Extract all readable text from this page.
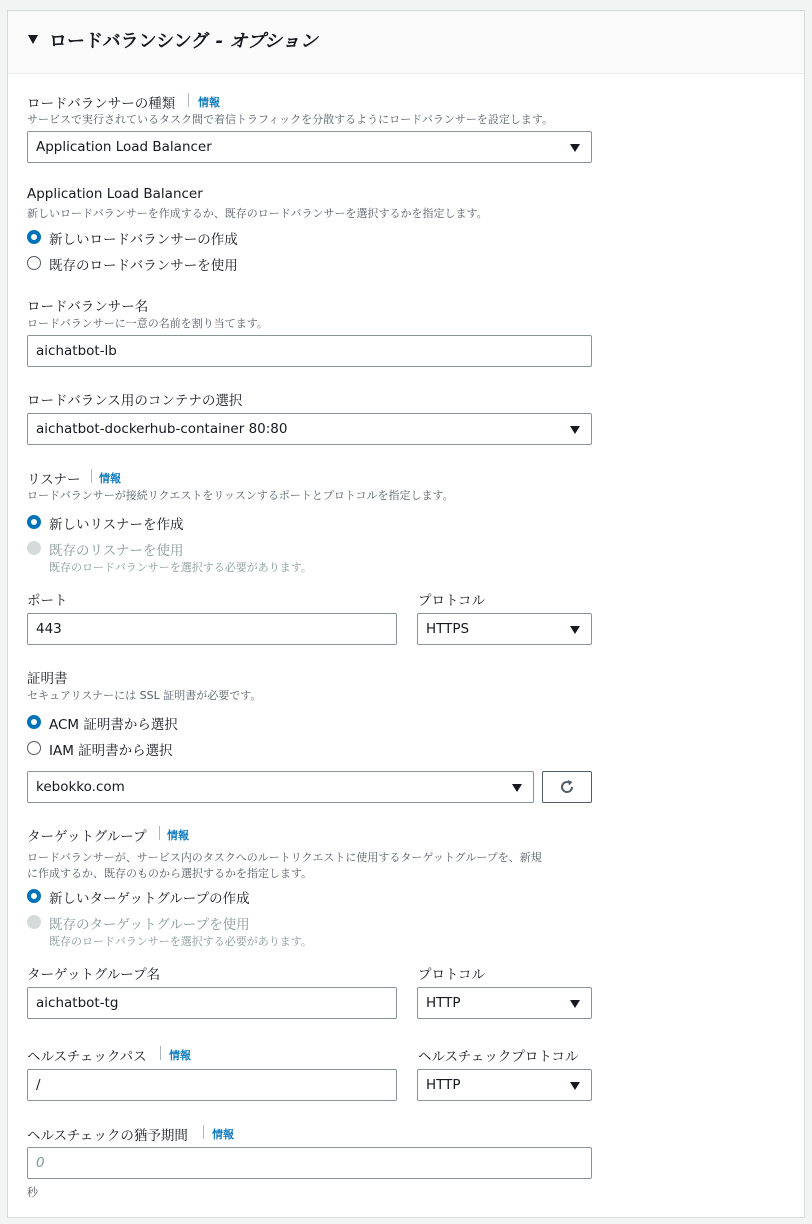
ロードバランシング - オプション
ロードバランサーの種類 情報
サービスで実行されているタスク間で着信トラフィックを分散するようにロードバランサーを設定します。
Application Load Balancer
Application Load Balancer
新しいロードバランサーを作成するか、既存のロードバランサーを選択するかを指定します。
新しいロードバランサーの作成
既存のロードバランサーを使用
ロードバランサー名
ロードバランサーに一意の名前を割り当てます。
aichatbot-lb
ロードバランス用のコンテナの選択
aichatbot-dockerhub-container 80:80
リスナー 情報
ロードバランサーが接続リクエストをリッスンするポートとプロトコルを指定します。
新しいリスナーを作成
既存のリスナーを使用
既存のロードバランサーを選択する必要があります。
ポート
443
プロトコル
HTTPS
証明書
セキュアリスナーには SSL 証明書が必要です。
ACM 証明書から選択
IAM 証明書から選択
kebokko.com
ターゲットグループ 情報
ロードバランサーが、サービス内のタスクへのルートリクエストに使用するターゲットグループを、新規
に作成するか、既存のものから選択するかを指定します。
新しいターゲットグループの作成
既存のターゲットグループを使用
既存のロードバランサーを選択する必要があります。
ターゲットグループ名
aichatbot-tg
プロトコル
HTTP
ヘルスチェックパス 情報
/
ヘルスチェックプロトコル
HTTP
ヘルスチェックの猶予期間 情報
0
秒
